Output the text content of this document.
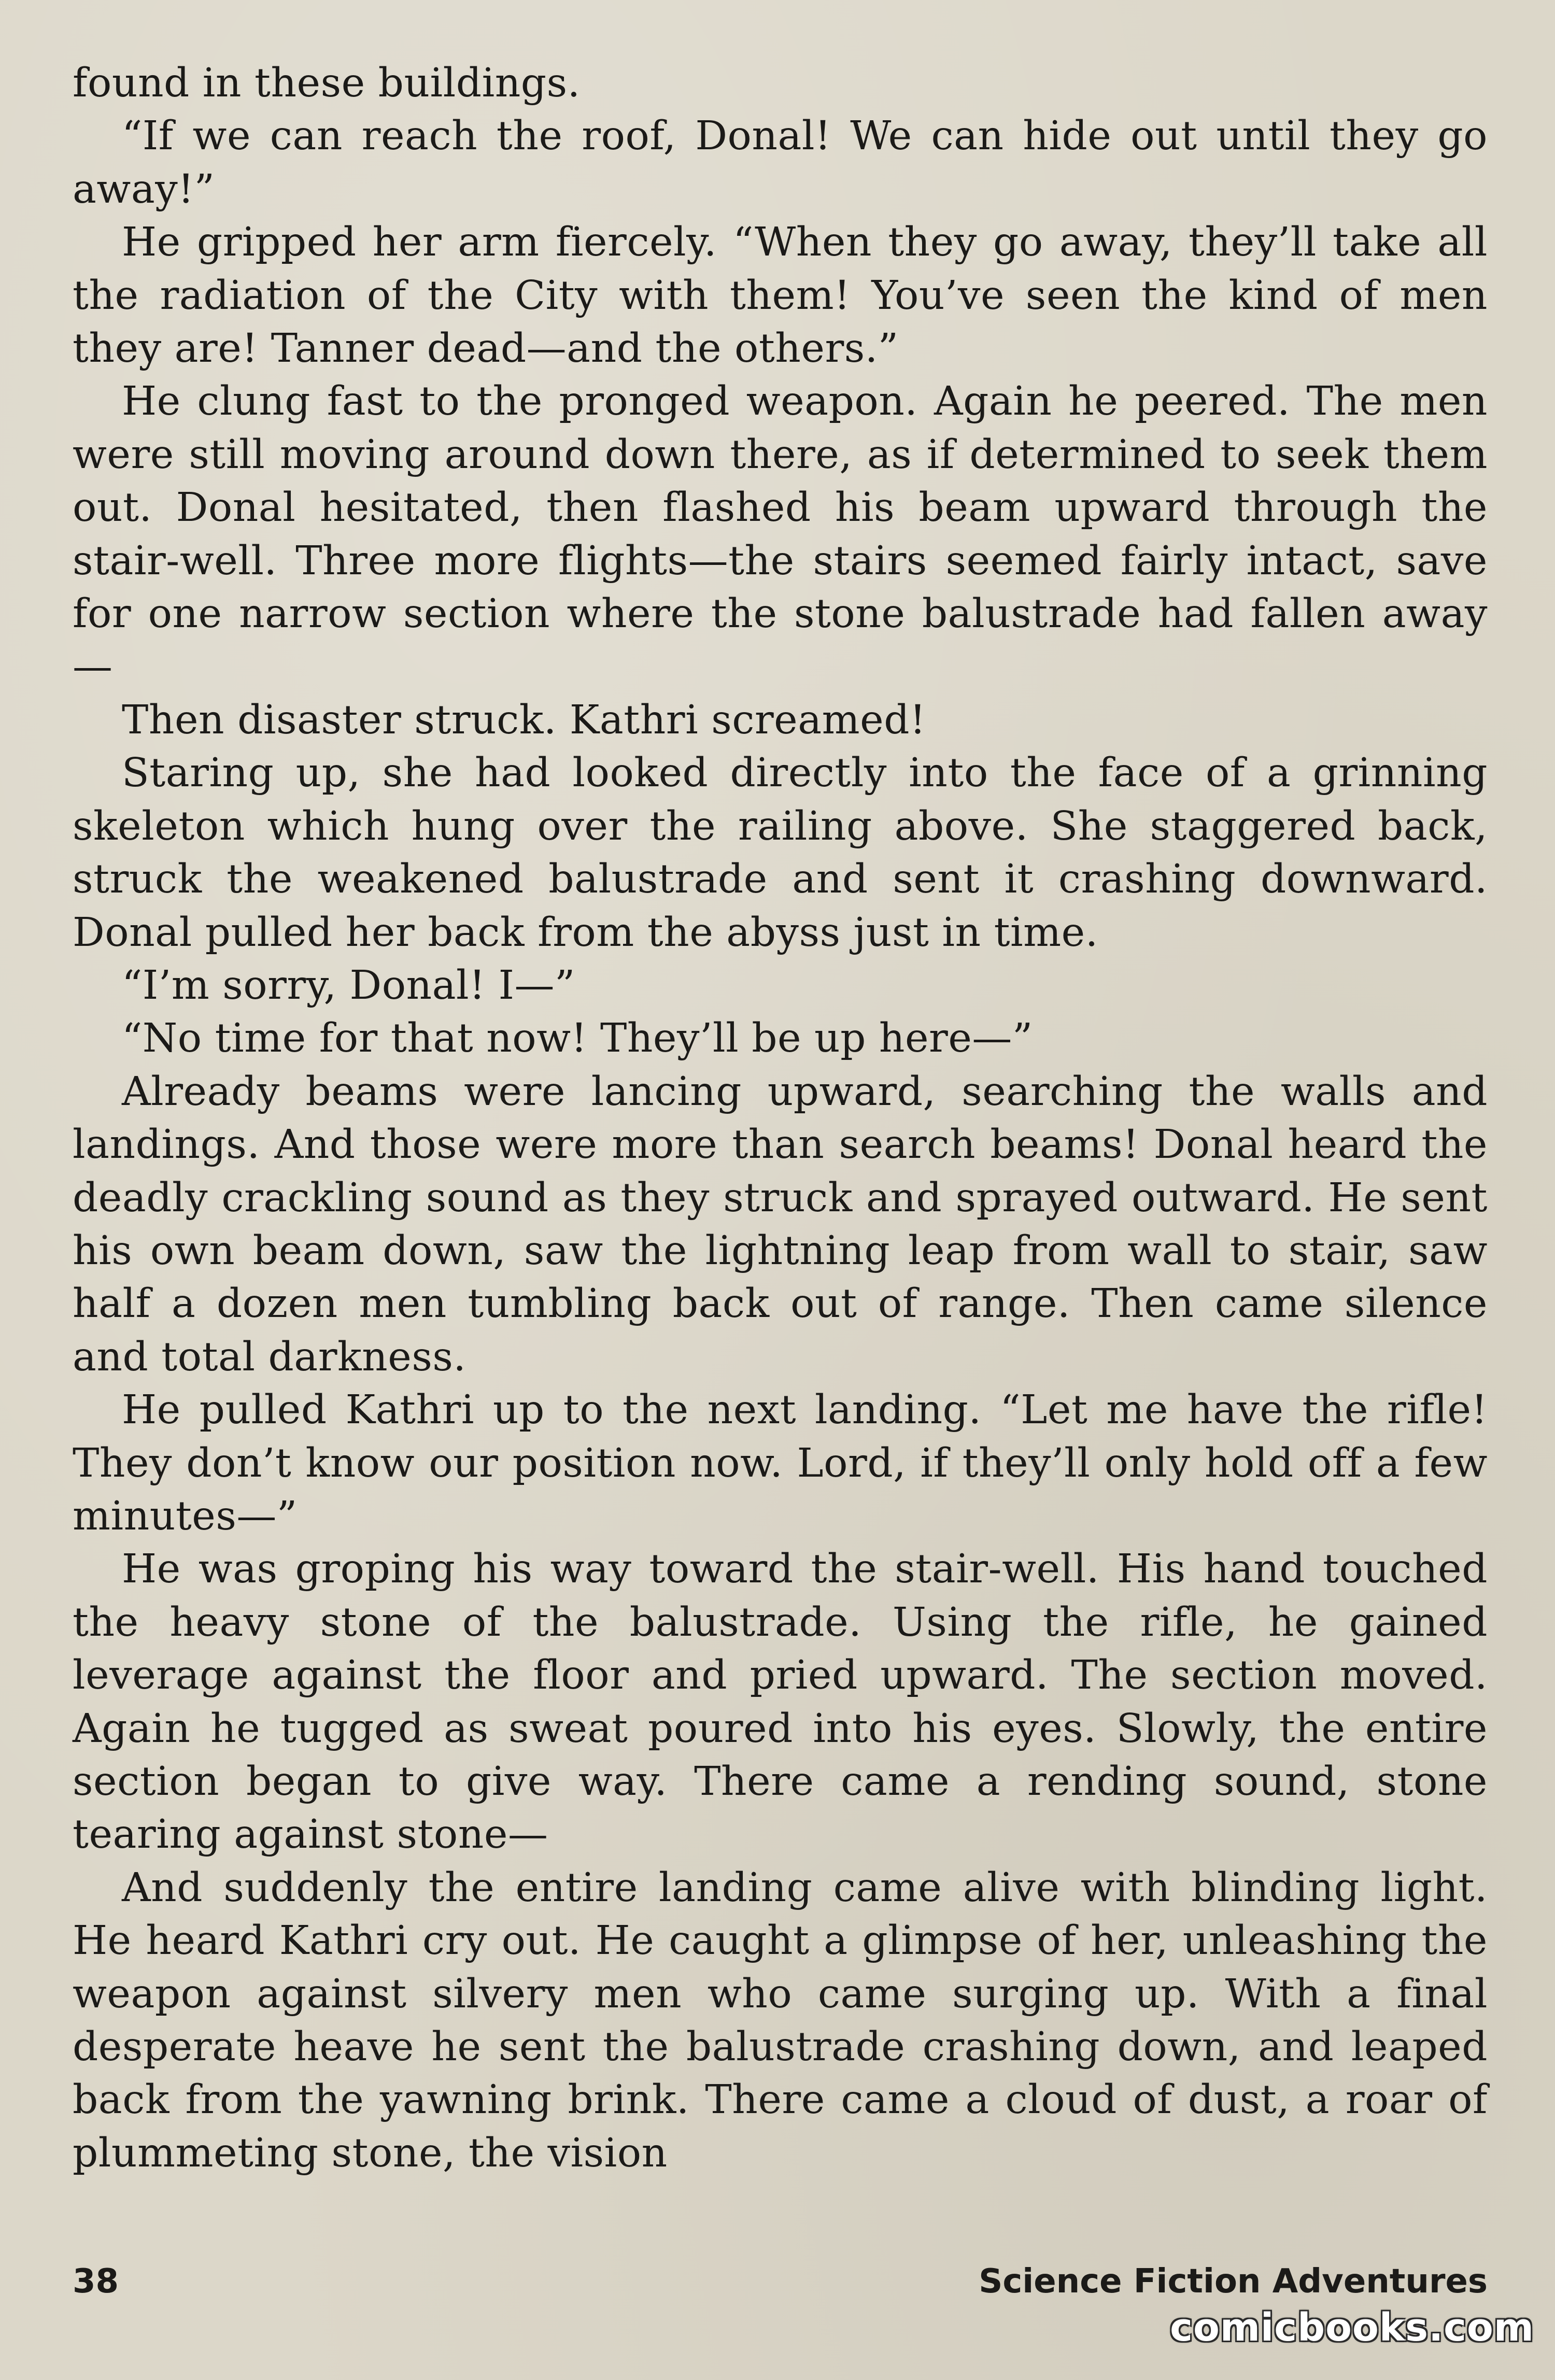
found in these buildings.

“If we can reach the roof, Donal! We can hide out until they go away!”

He gripped her arm fiercely. “When they go away, they’ll take all the radiation of the City with them! You’ve seen the kind of men they are! Tanner dead—and the others.”

He clung fast to the pronged weapon. Again he peered. The men were still moving around down there, as if determined to seek them out. Donal hesitated, then flashed his beam upward through the stair-well. Three more flights—the stairs seemed fairly intact, save for one narrow section where the stone balustrade had fallen away—

Then disaster struck. Kathri screamed!

Staring up, she had looked directly into the face of a grinning skeleton which hung over the railing above. She staggered back, struck the weakened balustrade and sent it crashing downward. Donal pulled her back from the abyss just in time.

“I’m sorry, Donal! I—”

“No time for that now! They’ll be up here—”

Already beams were lancing upward, searching the walls and landings. And those were more than search beams! Donal heard the deadly crackling sound as they struck and sprayed outward. He sent his own beam down, saw the lightning leap from wall to stair, saw half a dozen men tumbling back out of range. Then came silence and total darkness.

He pulled Kathri up to the next landing. “Let me have the rifle! They don’t know our position now. Lord, if they’ll only hold off a few minutes—”

He was groping his way toward the stair-well. His hand touched the heavy stone of the balustrade. Using the rifle, he gained leverage against the floor and pried upward. The section moved. Again he tugged as sweat poured into his eyes. Slowly, the entire section began to give way. There came a rending sound, stone tearing against stone—

And suddenly the entire landing came alive with blinding light. He heard Kathri cry out. He caught a glimpse of her, unleashing the weapon against silvery men who came surging up. With a final desperate heave he sent the balustrade crashing down, and leaped back from the yawning brink. There came a cloud of dust, a roar of plummeting stone, the vision

38	Science Fiction Adventures
comicbooks.com
